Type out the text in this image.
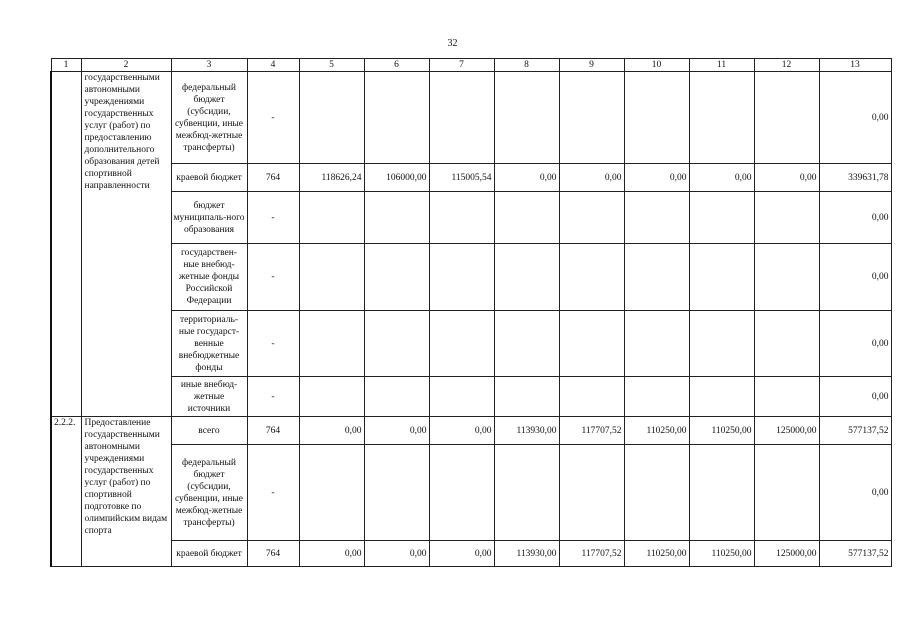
32
1	2	3	4	5	6	7	8	9	10	11	12	13
	государственными автономными учреждениями государственных услуг (работ) по предоставлению дополнительного образования детей спортивной направленности	федеральный бюджет (субсидии, субвенции, иные межбюд-жетные трансферты)	-									0,00
		краевой бюджет	764	118626,24	106000,00	115005,54	0,00	0,00	0,00	0,00	0,00	339631,78
		бюджет муниципаль-ного образования	-									0,00
		государствен-ные внебюд-жетные фонды Российской Федерации	-									0,00
		территориаль-ные государст-венные внебюджетные фонды	-									0,00
		иные внебюд-жетные источники	-									0,00
2.2.2.	Предоставление государственными автономными учреждениями государственных услуг (работ) по спортивной подготовке по олимпийским видам спорта	всего	764	0,00	0,00	0,00	113930,00	117707,52	110250,00	110250,00	125000,00	577137,52
		федеральный бюджет (субсидии, субвенции, иные межбюд-жетные трансферты)	-									0,00
		краевой бюджет	764	0,00	0,00	0,00	113930,00	117707,52	110250,00	110250,00	125000,00	577137,52
